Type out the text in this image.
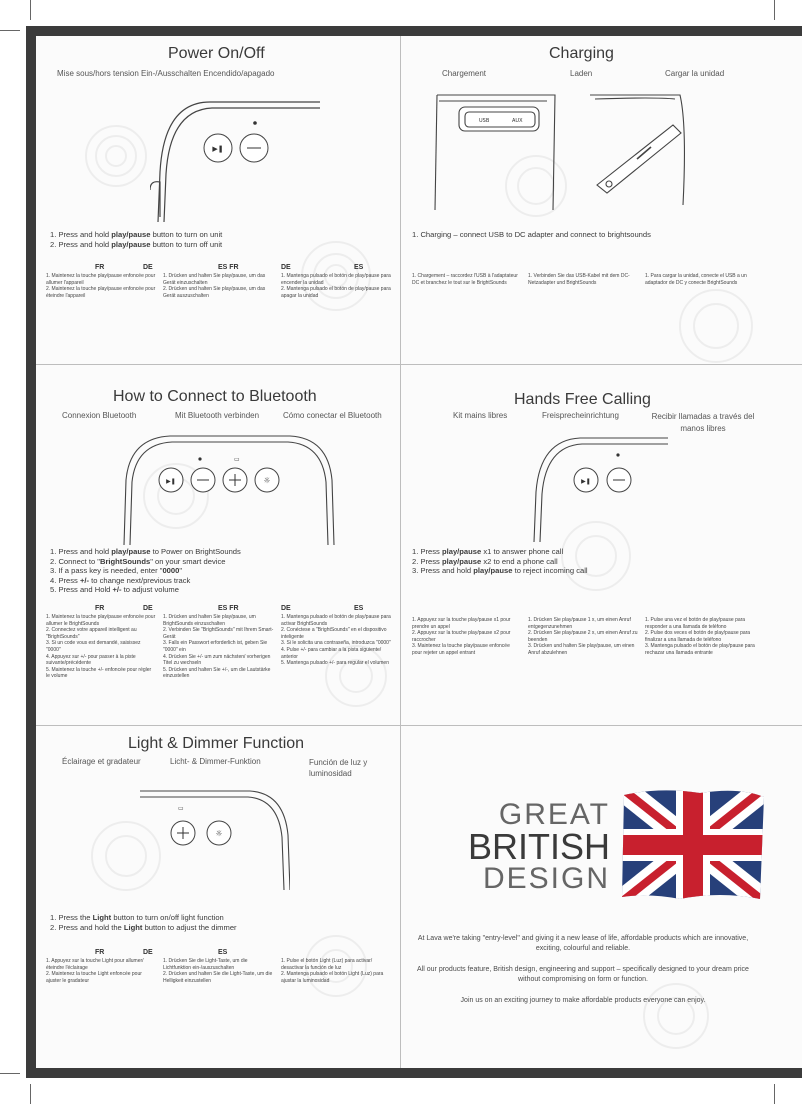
Power On/Off
Mise sous/hors tension Ein-/Ausschalten Encendido/apagado
▶❚
1. Press and hold play/pause button to turn on unit
2. Press and hold play/pause button to turn off unit
FR	DE	ES FR	DE	ES
1. Maintenez la touche play/pause enfoncée pour allumer l'appareil
2. Maintenez la touche play/pause enfoncée pour éteindre l'appareil
1. Drücken und halten Sie play/pause, um das Gerät einzuschalten
2. Drücken und halten Sie play/pause, um das Gerät auszuschalten
1. Mantenga pulsado el botón de play/pause para encender la unidad
2. Mantenga pulsado el botón de play/pause para apagar la unidad
Charging
Chargement	Laden	Cargar la unidad
USB	AUX
1. Charging – connect USB to DC adapter and connect to brightsounds
1. Chargement – raccordez l'USB à l'adaptateur DC et branchez le tout sur le BrightSounds
1. Verbinden Sie das USB-Kabel mit dem DC-Netzadapter und BrightSounds
1. Para cargar la unidad, conecte el USB a un adaptador de DC y conecte BrightSounds
How to Connect to Bluetooth
Connexion Bluetooth	Mit Bluetooth verbinden	Cómo conectar el Bluetooth
▭
▶❚	☼
1. Press and hold play/pause to Power on BrightSounds
2. Connect to "BrightSounds" on your smart device
3. If a pass key is needed, enter "0000"
4. Press +/- to change next/previous track
5. Press and Hold +/- to adjust volume
FR	DE	ES FR	DE	ES
1. Maintenez la touche play/pause enfoncée pour allumer le BrightSounds
2. Connectez votre appareil intelligent au "BrightSounds"
3. Si un code vous est demandé, saisissez "0000"
4. Appuyez sur +/- pour passer à la piste suivante/précédente
5. Maintenez la touche +/- enfoncée pour régler le volume
1. Drücken und halten Sie play/pause, um BrightSounds einzuschalten
2. Verbinden Sie "BrightSounds" mit Ihrem Smart-Gerät
3. Falls ein Passwort erforderlich ist, geben Sie "0000" ein
4. Drücken Sie +/- um zum nächsten/ vorherigen Titel zu wechseln
5. Drücken und halten Sie +/-, um die Lautstärke einzustellen
1. Mantenga pulsado el botón de play/pause para activar BrightSounds
2. Conéctese a "BrightSounds" en el dispositivo inteligente
3. Si le solicita una contraseña, introduzca "0000"
4. Pulse +/- para cambiar a la pista siguiente/ anterior
5. Mantenga pulsado +/- para regular el volumen
Hands Free Calling
Kit mains libres	Freisprecheinrichtung	Recibir llamadas a través del manos libres
▶❚
1. Press play/pause x1 to answer phone call
2. Press play/pause x2 to end a phone call
3. Press and hold play/pause to reject incoming call
1. Appuyez sur la touche play/pause x1 pour prendre un appel
2. Appuyez sur la touche play/pause x2 pour raccrocher
3. Maintenez la touche play/pause enfoncée pour rejeter un appel entrant
1. Drücken Sie play/pause 1 x, um einen Anruf entgegenzunehmen
2. Drücken Sie play/pause 2 x, um einen Anruf zu beenden
3. Drücken und halten Sie play/pause, um einen Anruf abzulehnen
1. Pulse una vez el botón de play/pause para responder a una llamada de teléfono
2. Pulse dos veces el botón de play/pause para finalizar a una llamada de teléfono
3. Mantenga pulsado el botón de play/pause para rechazar una llamada entrante
Light & Dimmer Function
Éclairage et gradateur	Licht- & Dimmer-Funktion	Función de luz y luminosidad
▭
☼
1. Press the Light button to turn on/off light function
2. Press and hold the Light button to adjust the dimmer
FR	DE	ES
1. Appuyez sur la touche Light pour allumer/ éteindre l'éclairage
2. Maintenez la touche Light enfoncée pour ajuster le gradateur
1. Drücken Sie die Light-Taste, um die Lichtfunktion ein-/auszuschalten
2. Drücken und halten Sie die Light-Taste, um die Helligkeit einzustellen
1. Pulse el botón Light (Luz) para activar/ desactivar la función de luz
2. Mantenga pulsado el botón Light (Luz) para ajustar la luminosidad
GREAT
BRITISH
DESIGN
At Lava we're taking "entry-level" and giving it a new lease of life, affordable products which are innovative, exciting, colourful and reliable.
All our products feature, British design, engineering and support – specifically designed to your dream price without compromising on form or function.
Join us on an exciting journey to make affordable products everyone can enjoy.
